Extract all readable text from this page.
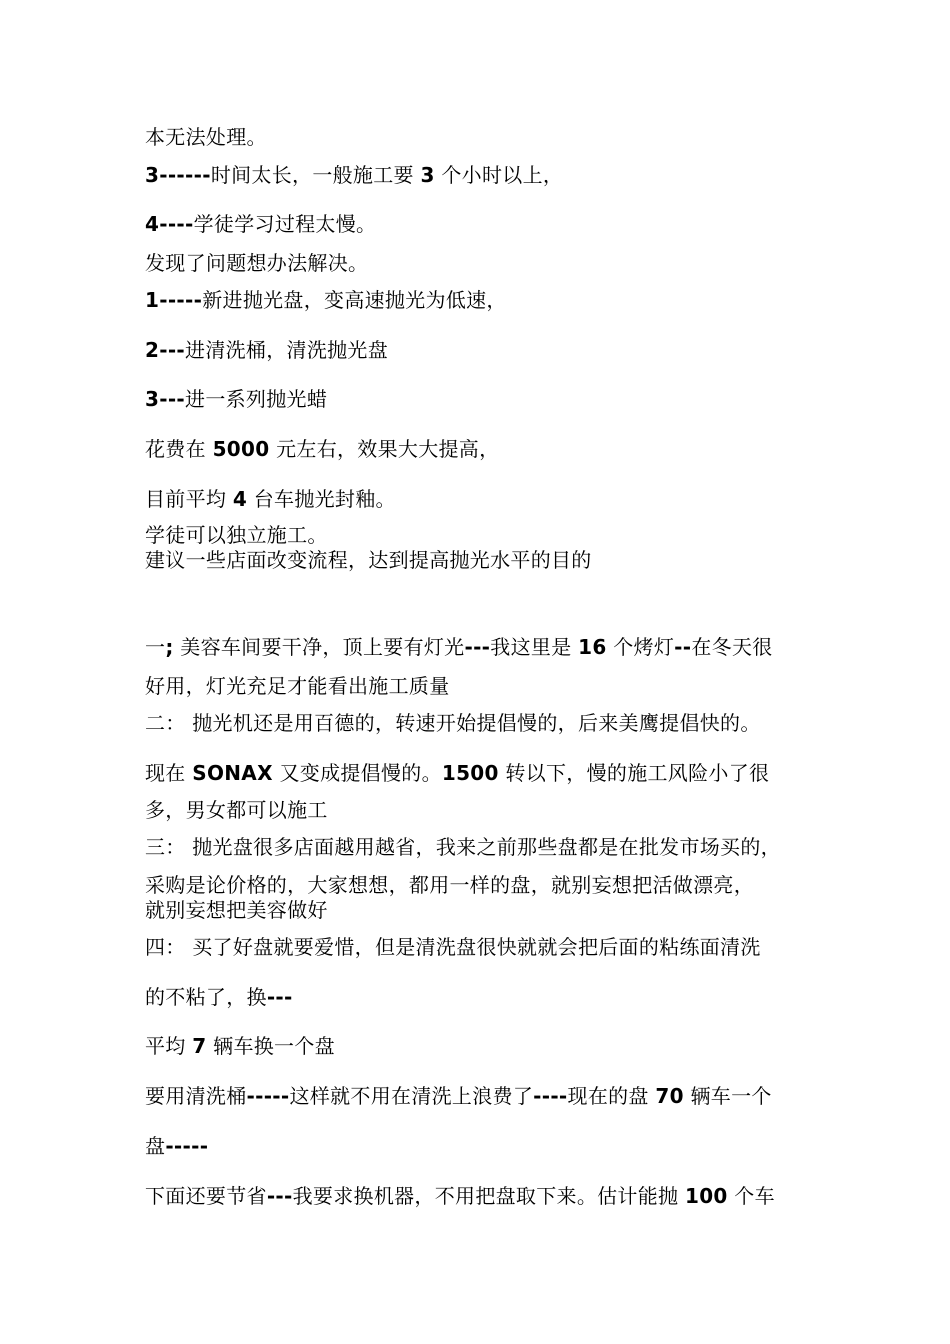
本无法处理。
3------时间太长，一般施工要 3 个小时以上，
4----学徒学习过程太慢。
发现了问题想办法解决。
1-----新进抛光盘，变高速抛光为低速，
2---进清洗桶，清洗抛光盘
3---进一系列抛光蜡
花费在 5000 元左右，效果大大提高，
目前平均 4 台车抛光封釉。
学徒可以独立施工。
建议一些店面改变流程，达到提高抛光水平的目的
一; 美容车间要干净，顶上要有灯光---我这里是 16 个烤灯--在冬天很
好用，灯光充足才能看出施工质量
二： 抛光机还是用百德的，转速开始提倡慢的，后来美鹰提倡快的。
现在 SONAX 又变成提倡慢的。1500 转以下，慢的施工风险小了很
多，男女都可以施工
三： 抛光盘很多店面越用越省，我来之前那些盘都是在批发市场买的，
采购是论价格的，大家想想，都用一样的盘，就别妄想把活做漂亮，
就别妄想把美容做好
四： 买了好盘就要爱惜，但是清洗盘很快就就会把后面的粘练面清洗
的不粘了，换---
平均 7 辆车换一个盘
要用清洗桶-----这样就不用在清洗上浪费了----现在的盘 70 辆车一个
盘-----
下面还要节省---我要求换机器，不用把盘取下来。估计能抛 100 个车
